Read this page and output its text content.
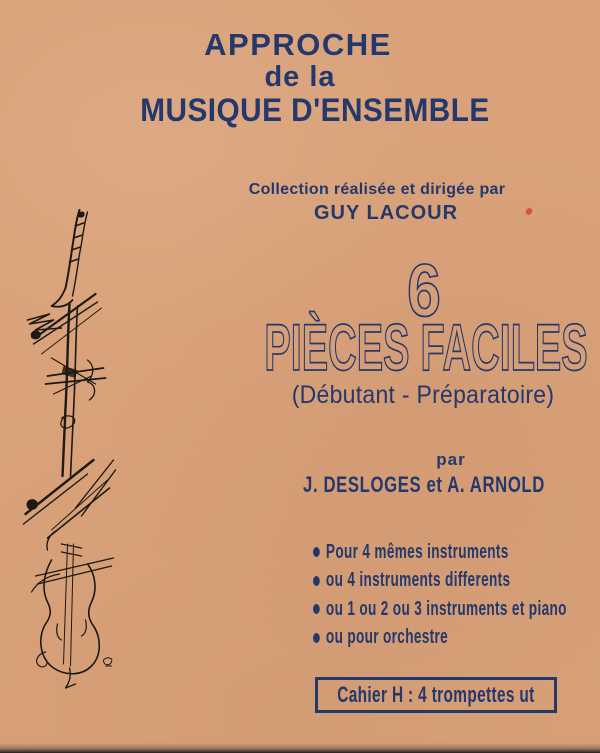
APPROCHE
de la
MUSIQUE D'ENSEMBLE
Collection réalisée et dirigée par
GUY LACOUR
6
PIÈCES FACILES
(Débutant - Préparatoire)
par
J. DESLOGES et A. ARNOLD
Pour 4 mêmes instruments
ou 4 instruments differents
ou 1 ou 2 ou 3 instruments et piano
ou pour orchestre
Cahier H : 4 trompettes ut
